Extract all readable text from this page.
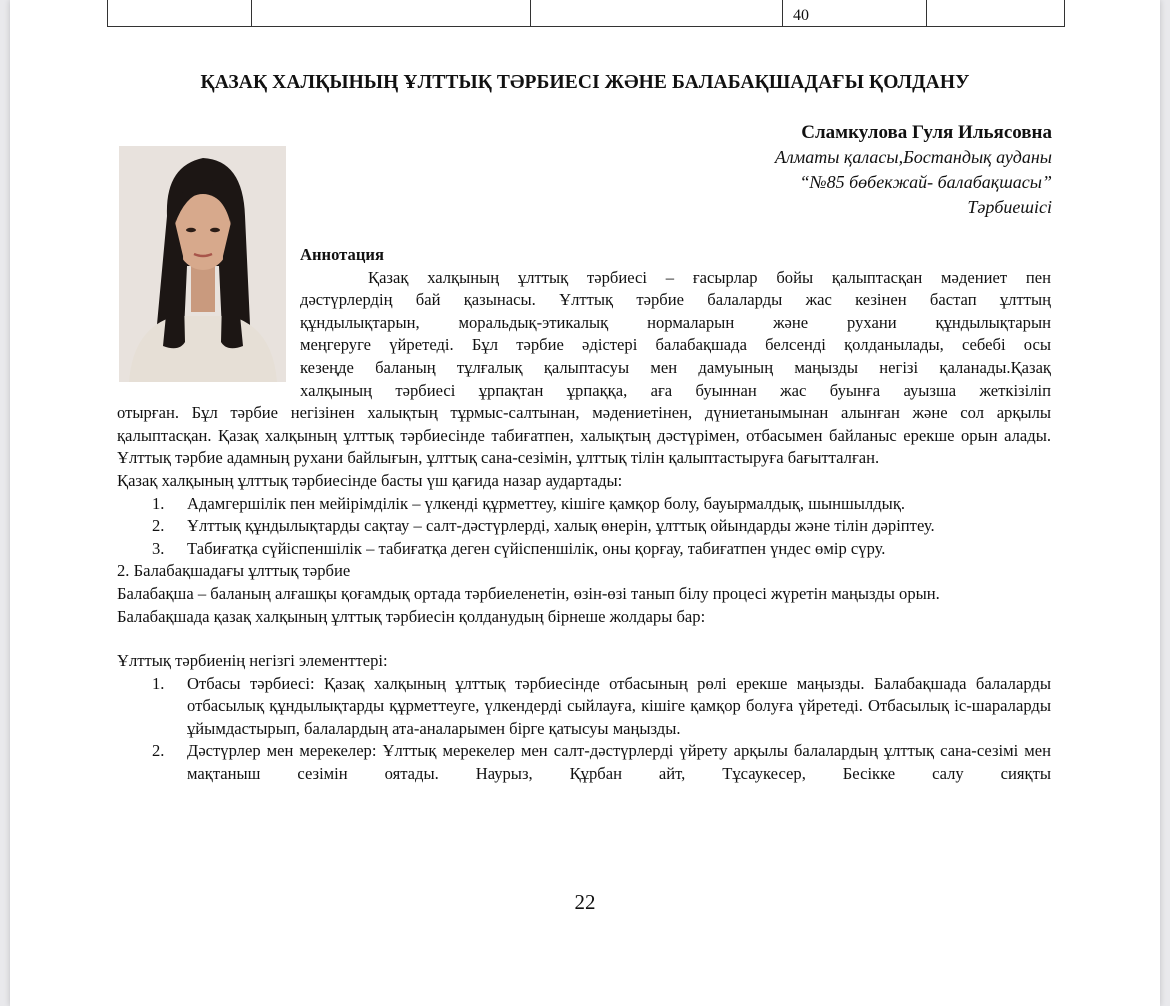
40
ҚАЗАҚ ХАЛҚЫНЫҢ ҰЛТТЫҚ ТӘРБИЕСІ ЖӘНЕ БАЛАБАҚШАДАҒЫ ҚОЛДАНУ
Сламкулова Гуля Ильясовна
Алматы қаласы,Бостандық ауданы
“№85 бөбекжай- балабақшасы”
Тәрбиешісі

Аннотация

Қазақ халқының ұлттық тәрбиесі – ғасырлар бойы қалыптасқан мәдениет пен

дәстүрлердің бай қазынасы. Ұлттық тәрбие балаларды жас кезінен бастап ұлттың

құндылықтарын, моральдық-этикалық нормаларын және рухани құндылықтарын

меңгеруге үйретеді. Бұл тәрбие әдістері балабақшада белсенді қолданылады, себебі осы

кезеңде баланың тұлғалық қалыптасуы мен дамуының маңызды негізі қаланады.Қазақ

халқының тәрбиесі ұрпақтан ұрпаққа, аға буыннан жас буынға ауызша жеткізіліп

отырған. Бұл тәрбие негізінен халықтың тұрмыс-салтынан, мәдениетінен, дүниетанымынан алынған және сол арқылы қалыптасқан. Қазақ халқының ұлттық тәрбиесінде табиғатпен, халықтың дәстүрімен, отбасымен байланыс ерекше орын алады. Ұлттық тәрбие адамның рухани байлығын, ұлттық сана-сезімін, ұлттық тілін қалыптастыруға бағытталған.

Қазақ халқының ұлттық тәрбиесінде басты үш қағида назар аудартады:

1. Адамгершілік пен мейірімділік – үлкенді құрметтеу, кішіге қамқор болу, бауырмалдық, шыншылдық.
2. Ұлттық құндылықтарды сақтау – салт-дәстүрлерді, халық өнерін, ұлттық ойындарды және тілін дәріптеу.
3. Табиғатқа сүйіспеншілік – табиғатқа деген сүйіспеншілік, оны қорғау, табиғатпен үндес өмір сүру.

2. Балабақшадағы ұлттық тәрбие

Балабақша – баланың алғашқы қоғамдық ортада тәрбиеленетін, өзін-өзі танып білу процесі жүретін маңызды орын. Балабақшада қазақ халқының ұлттық тәрбиесін қолданудың бірнеше жолдары бар:

Ұлттық тәрбиенің негізгі элементтері:

1. Отбасы тәрбиесі: Қазақ халқының ұлттық тәрбиесінде отбасының рөлі ерекше маңызды. Балабақшада балаларды отбасылық құндылықтарды құрметтеуге, үлкендерді сыйлауға, кішіге қамқор болуға үйретеді. Отбасылық іс-шараларды ұйымдастырып, балалардың ата-аналарымен бірге қатысуы маңызды.
2. Дәстүрлер мен мерекелер: Ұлттық мерекелер мен салт-дәстүрлерді үйрету арқылы балалардың ұлттық сана-сезімі мен мақтаныш сезімін оятады. Наурыз, Құрбан айт, Тұсаукесер, Бесікке салу сияқты
22
